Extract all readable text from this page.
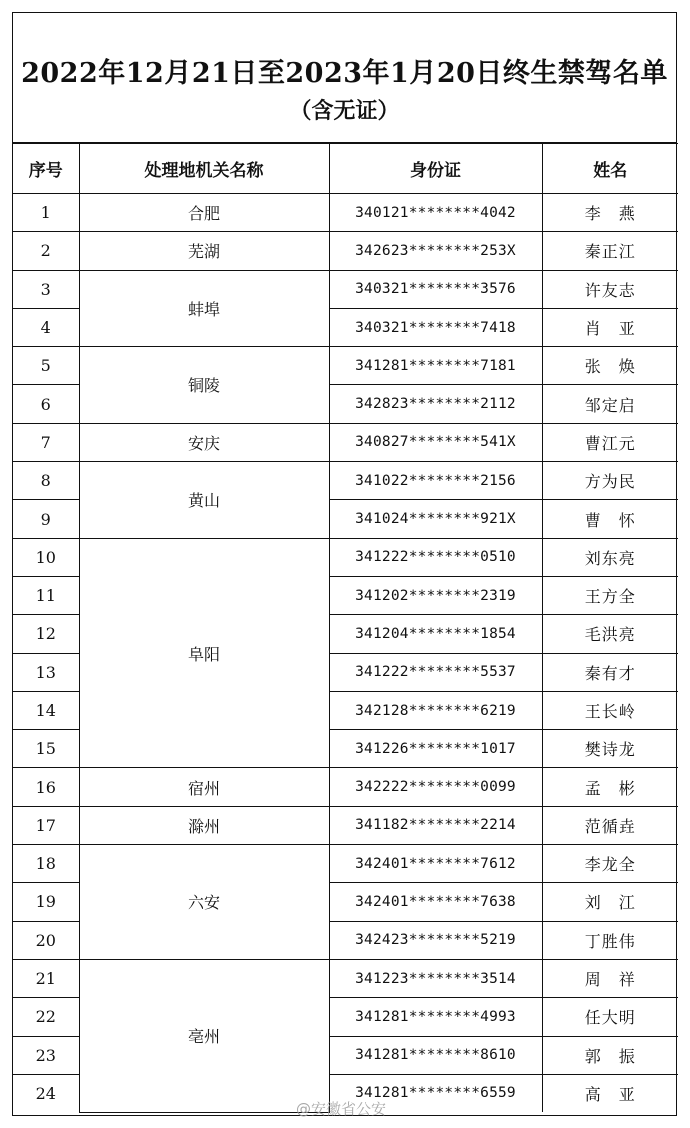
2022年12月21日至2023年1月20日终生禁驾名单
（含无证）
序号	处理地机关名称	身份证	姓名
1	合肥	340121********4042	李　燕
2	芜湖	342623********253X	秦正江
3	蚌埠	340321********3576	许友志
4		340321********7418	肖　亚
5	铜陵	341281********7181	张　焕
6		342823********2112	邹定启
7	安庆	340827********541X	曹江元
8	黄山	341022********2156	方为民
9		341024********921X	曹　怀
10	阜阳	341222********0510	刘东亮
11		341202********2319	王方全
12		341204********1854	毛洪亮
13		341222********5537	秦有才
14		342128********6219	王长岭
15		341226********1017	樊诗龙
16	宿州	342222********0099	孟　彬
17	滁州	341182********2214	范循垚
18	六安	342401********7612	李龙全
19		342401********7638	刘　江
20		342423********5219	丁胜伟
21	亳州	341223********3514	周　祥
22		341281********4993	任大明
23		341281********8610	郭　振
24		341281********6559	高　亚
@安徽省公安
